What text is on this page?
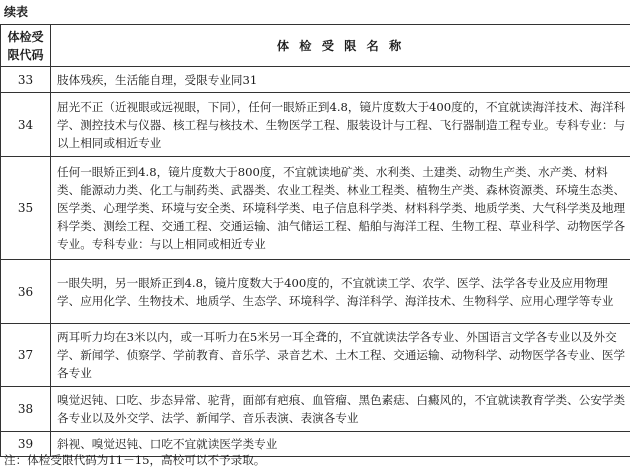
续表
体检受限代码	体 检 受 限 名 称
33	肢体残疾，生活能自理，受限专业同31
34	屈光不正（近视眼或远视眼，下同），任何一眼矫正到4.8，镜片度数大于400度的，不宜就读海洋技术、海洋科学、测控技术与仪器、核工程与核技术、生物医学工程、服装设计与工程、飞行器制造工程专业。专科专业：与以上相同或相近专业
35	任何一眼矫正到4.8，镜片度数大于800度，不宜就读地矿类、水利类、土建类、动物生产类、水产类、材料类、能源动力类、化工与制药类、武器类、农业工程类、林业工程类、植物生产类、森林资源类、环境生态类、医学类、心理学类、环境与安全类、环境科学类、电子信息科学类、材料科学类、地质学类、大气科学类及地理科学类、测绘工程、交通工程、交通运输、油气储运工程、船舶与海洋工程、生物工程、草业科学、动物医学各专业。专科专业：与以上相同或相近专业
36	一眼失明，另一眼矫正到4.8，镜片度数大于400度的，不宜就读工学、农学、医学、法学各专业及应用物理学、应用化学、生物技术、地质学、生态学、环境科学、海洋科学、海洋技术、生物科学、应用心理学等专业
37	两耳听力均在3米以内，或一耳听力在5米另一耳全聋的，不宜就读法学各专业、外国语言文学各专业以及外交学、新闻学、侦察学、学前教育、音乐学、录音艺术、土木工程、交通运输、动物科学、动物医学各专业、医学各专业
38	嗅觉迟钝、口吃、步态异常、驼背，面部有疤痕、血管瘤、黑色素痣、白癜风的，不宜就读教育学类、公安学类各专业以及外交学、法学、新闻学、音乐表演、表演各专业
39	斜视、嗅觉迟钝、口吃不宜就读医学类专业
注：体检受限代码为11－15，高校可以不予录取。
